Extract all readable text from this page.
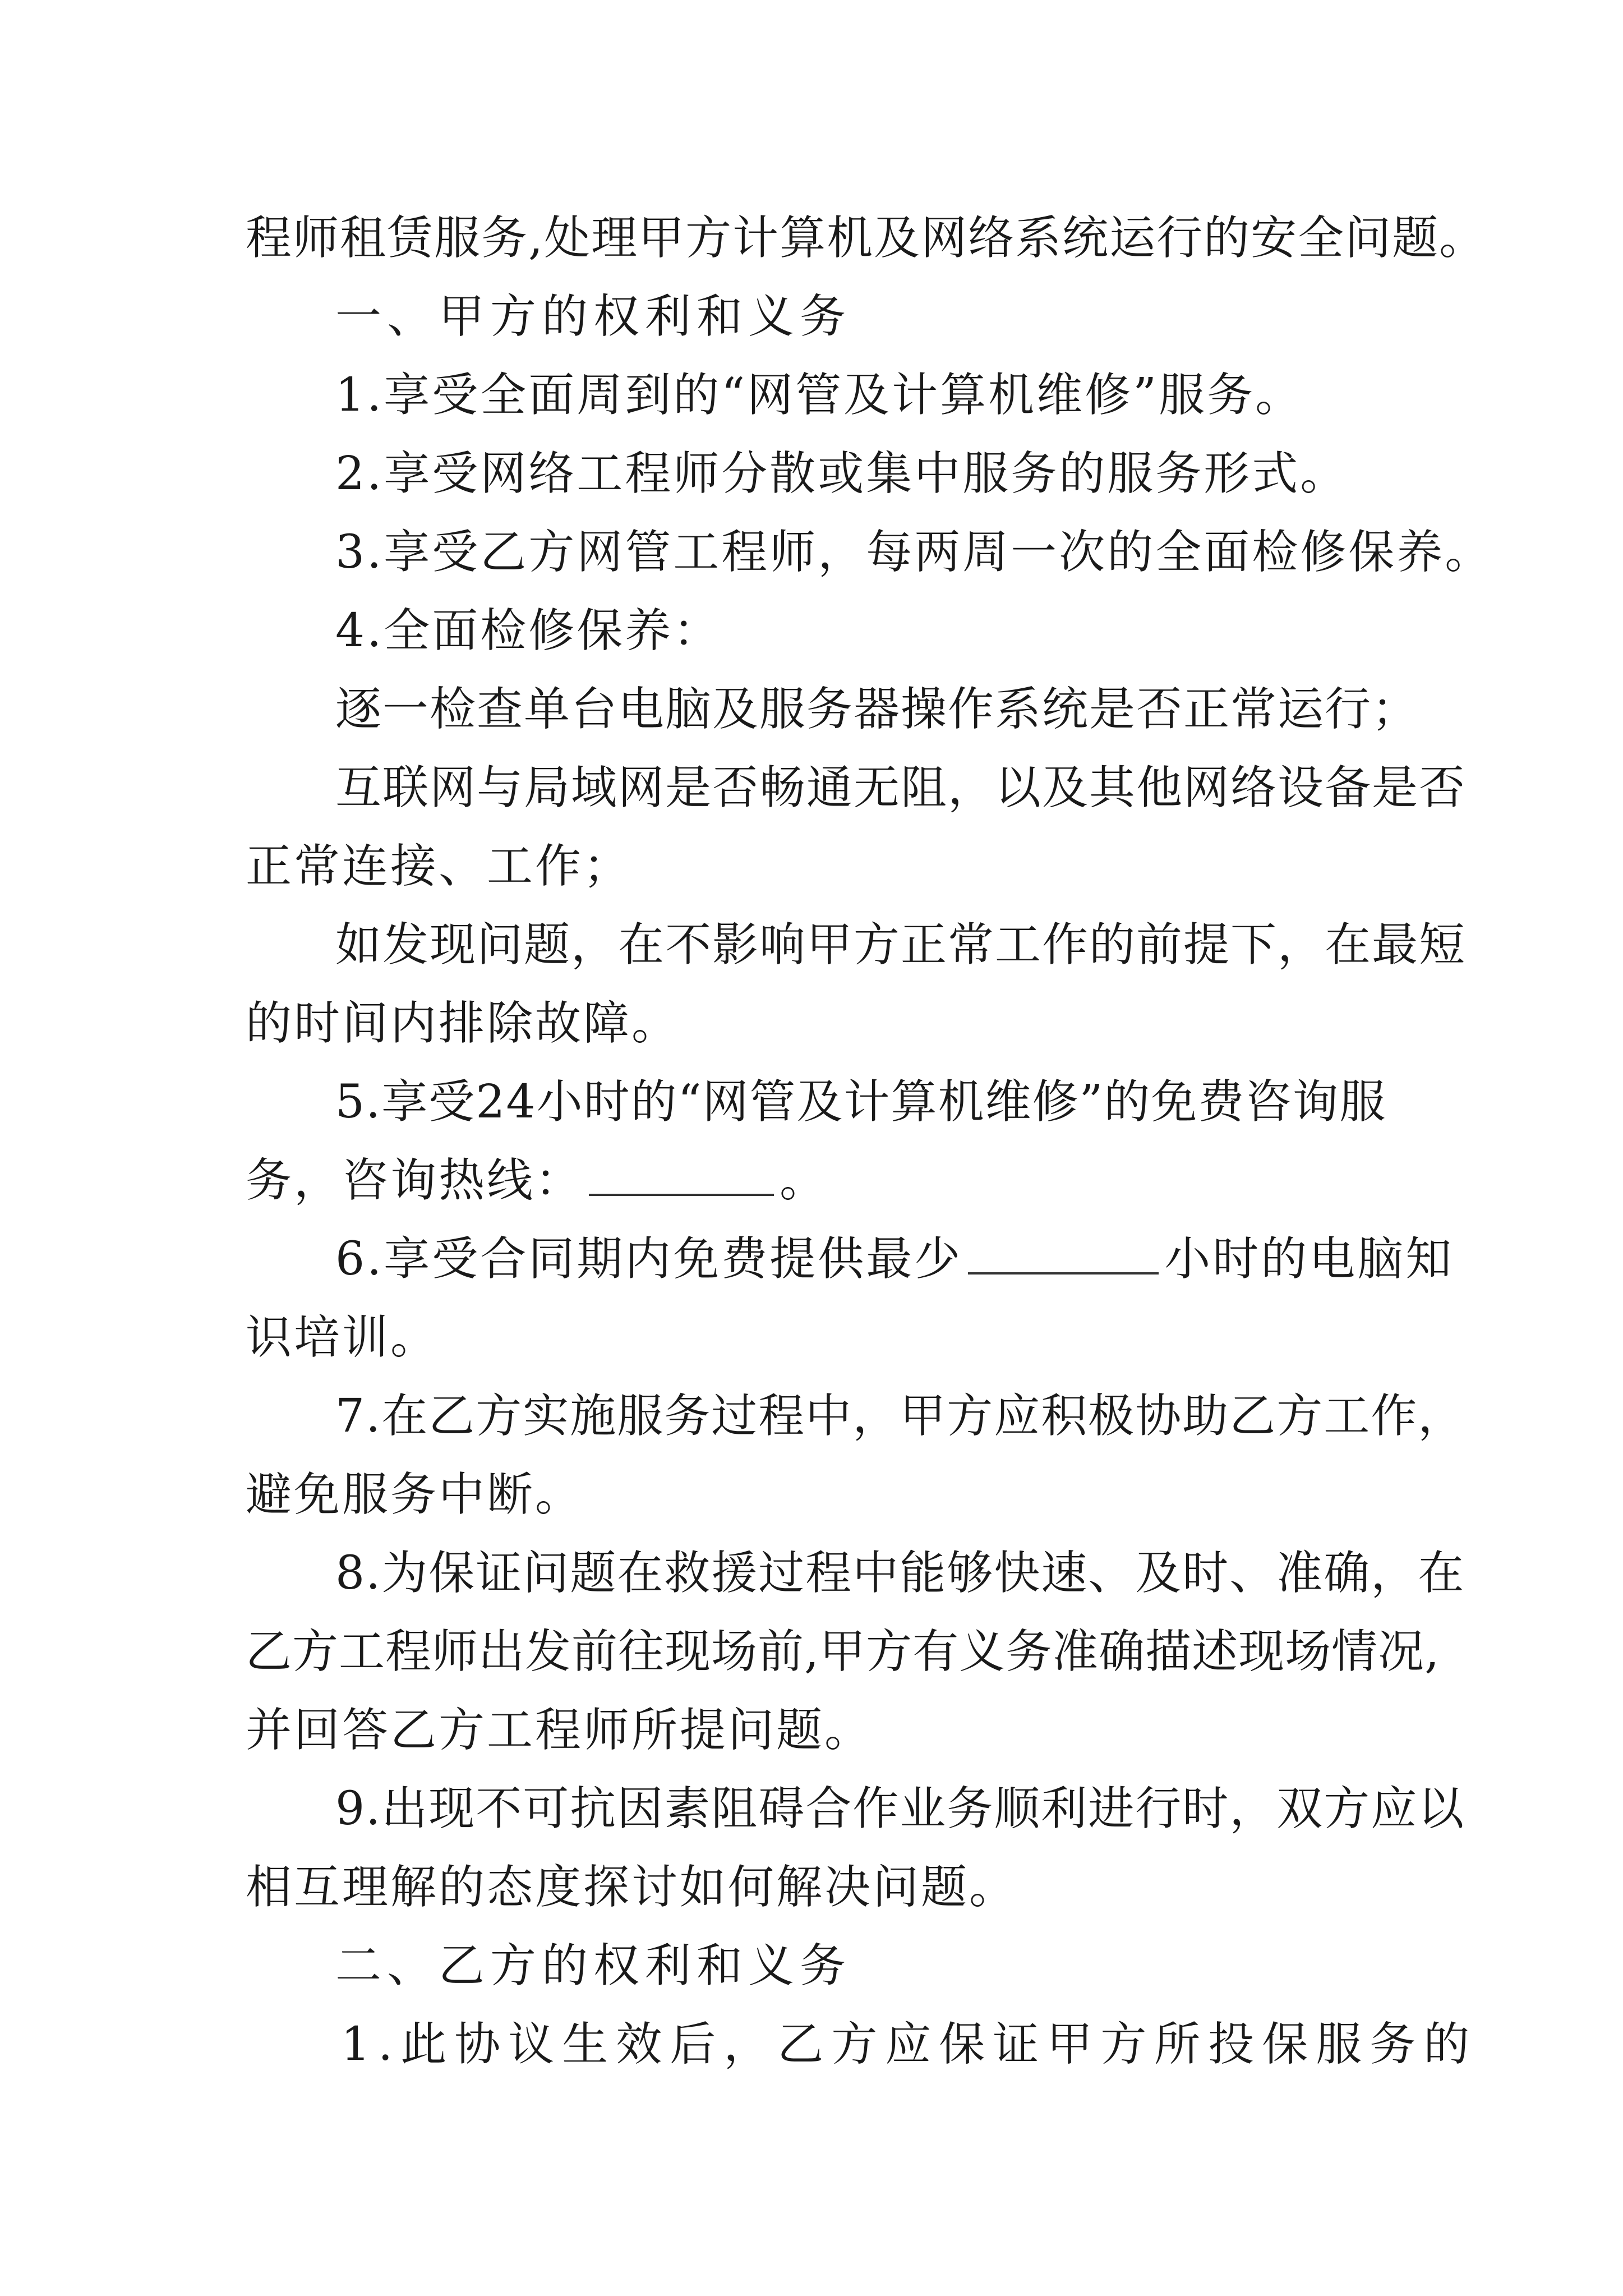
程师租赁服务,处理甲方计算机及网络系统运行的安全问题。
一、甲方的权利和义务
1.享受全面周到的“网管及计算机维修”服务。
2.享受网络工程师分散或集中服务的服务形式。
3.享受乙方网管工程师，每两周一次的全面检修保养。
4.全面检修保养：
逐一检查单台电脑及服务器操作系统是否正常运行；
互联网与局域网是否畅通无阻，以及其他网络设备是否
正常连接、工作；
如发现问题，在不影响甲方正常工作的前提下，在最短
的时间内排除故障。
5.享受24小时的“网管及计算机维修”的免费咨询服
务，咨询热线：	。
6.享受合同期内免费提供最少	小时的电脑知
识培训。
7.在乙方实施服务过程中，甲方应积极协助乙方工作，
避免服务中断。
8.为保证问题在救援过程中能够快速、及时、准确，在
乙方工程师出发前往现场前,甲方有义务准确描述现场情况,
并回答乙方工程师所提问题。
9.出现不可抗因素阻碍合作业务顺利进行时，双方应以
相互理解的态度探讨如何解决问题。
二、乙方的权利和义务
1.此协议生效后，乙方应保证甲方所投保服务的
